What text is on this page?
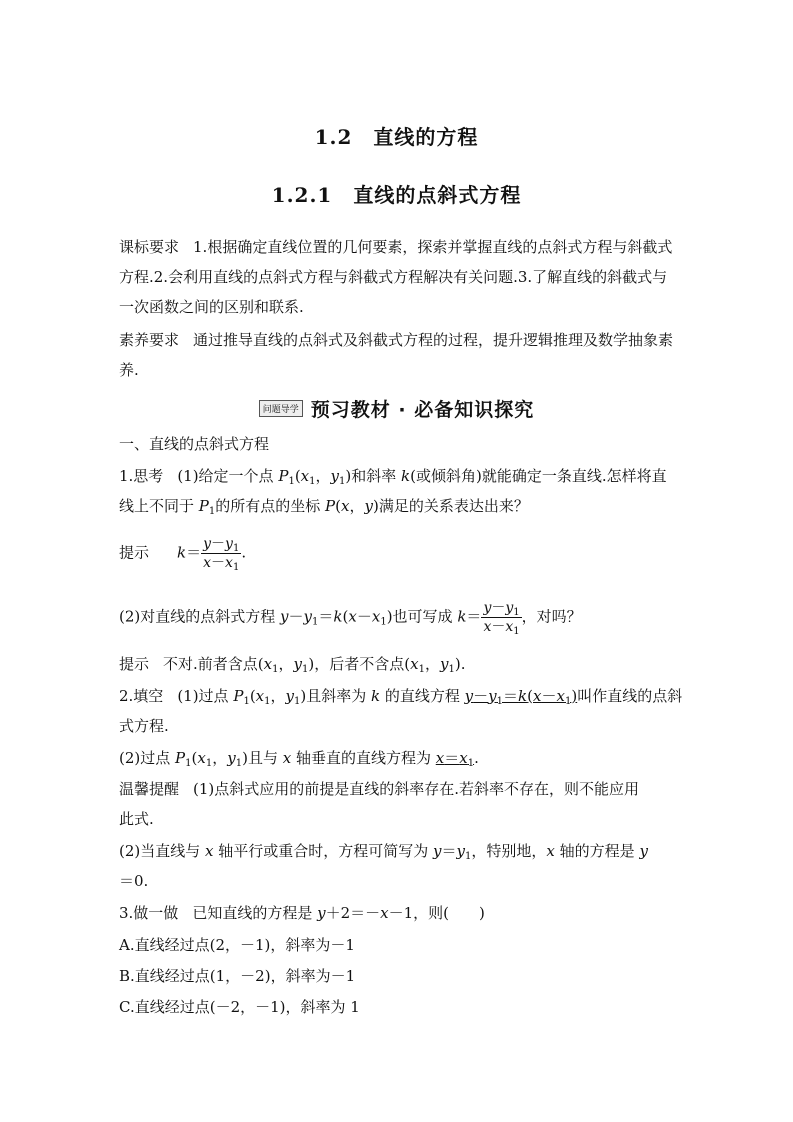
1.2　直线的方程
1.2.1　直线的点斜式方程
课标要求 1.根据确定直线位置的几何要素，探索并掌握直线的点斜式方程与斜截式方程.2.会利用直线的点斜式方程与斜截式方程解决有关问题.3.了解直线的斜截式与一次函数之间的区别和联系.
素养要求 通过推导直线的点斜式及斜截式方程的过程，提升逻辑推理及数学抽象素养.
问题导学 预习教材 · 必备知识探究
一、直线的点斜式方程
1.思考 (1)给定一个点 $P_1(x_1$，$y_1$)和斜率 k(或倾斜角)就能确定一条直线.怎样将直
线上不同于 $P_1$的所有点的坐标 P(x，y)满足的关系表达出来？
提示 $k= \frac{y-y_1}{x-x_1}$ .
(2)对直线的点斜式方程 $y-y_1=k(x-x_1)$也可写成 $k= \frac{y-y_1}{x-x_1}$ ，对吗？
提示 不对.前者含点($x_1$，$y_1$)，后者不含点($x_1$，$y_1$).
2.填空 (1)过点 $P_1(x_1$，$y_1$)且斜率为 k 的直线方程 $y-y_1=k(x-x_1)$叫作直线的点斜
式方程.
(2)过点 $P_1(x_1$，$y_1$)且与 x 轴垂直的直线方程为 $x=x_1$.
温馨提醒 (1)点斜式应用的前提是直线的斜率存在.若斜率不存在，则不能应用
此式.
(2)当直线与 x 轴平行或重合时，方程可简写为 $y=y_1$，特别地，x 轴的方程是 y
＝0.
3.做一做 已知直线的方程是 y＋2＝－x－1，则(　　)
A.直线经过点(2，－1)，斜率为－1
B.直线经过点(1，－2)，斜率为－1
C.直线经过点(－2，－1)，斜率为 1
